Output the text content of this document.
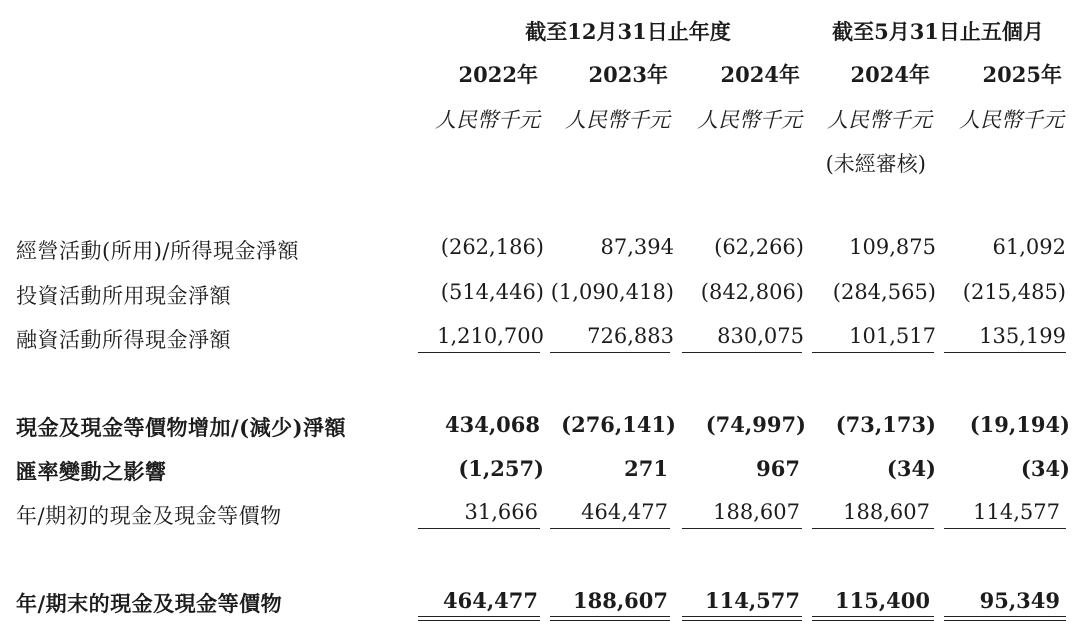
截至12月31日止年度	截至5月31日止五個月
2022年	2023年	2024年	2024年	2025年
人民幣千元	人民幣千元	人民幣千元	人民幣千元	人民幣千元
(未經審核)
經營活動(所用)/所得現金淨額	(262,186)	87,394	(62,266)	109,875	61,092
投資活動所用現金淨額	(514,446) (1,090,418)	(842,806)	(284,565)	(215,485)
融資活動所得現金淨額	1,210,700	726,883	830,075	101,517	135,199
現金及現金等價物增加/(減少)淨額	434,068	(276,141)	(74,997)	(73,173)	(19,194)
匯率變動之影響	(1,257)	271	967	(34)	(34)
年/期初的現金及現金等價物	31,666	464,477	188,607	188,607	114,577
年/期末的現金及現金等價物	464,477	188,607	114,577	115,400	95,349
